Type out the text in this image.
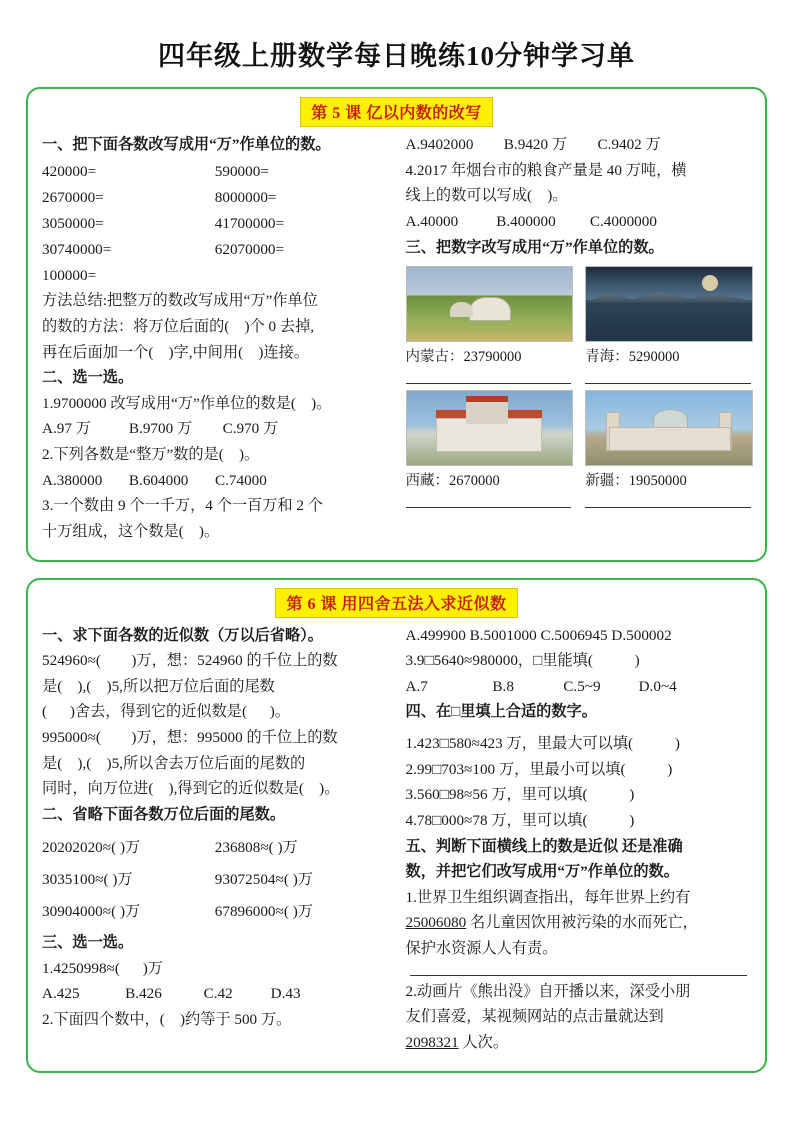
四年级上册数学每日晚练10分钟学习单
第 5 课 亿以内数的改写
一、把下面各数改写成用“万”作单位的数。
420000=	590000=
2670000=	8000000=
3050000=	41700000=
30740000=	62070000=
100000=
方法总结:把整万的数改写成用“万”作单位
的数的方法：将万位后面的(    )个 0 去掉,
再在后面加一个(    )字,中间用(    )连接。
二、选一选。
1.9700000 改写成用“万”作单位的数是(    )。
A.97 万          B.9700 万        C.970 万
2.下列各数是“整万”数的是(    )。
A.380000       B.604000       C.74000
3.一个数由 9 个一千万，4 个一百万和 2 个
十万组成，这个数是(    )。
A.9402000        B.9420 万        C.9402 万
4.2017 年烟台市的粮食产量是 40 万吨，横
线上的数可以写成(    )。
A.40000          B.400000         C.4000000
三、把数字改写成用“万”作单位的数。
内蒙古：23790000	青海：5290000
西藏：2670000	新疆：19050000
第 6 课 用四舍五法入求近似数
一、求下面各数的近似数（万以后省略）。
524960≈(        )万，想：524960 的千位上的数
是(    ),(    )5,所以把万位后面的尾数
(      )舍去，得到它的近似数是(      )。
995000≈(        )万，想：995000 的千位上的数
是(    ),(    )5,所以舍去万位后面的尾数的
同时，向万位进(    ),得到它的近似数是(    )。
二、省略下面各数万位后面的尾数。
20202020≈( )万	236808≈( )万
3035100≈( )万	93072504≈( )万
30904000≈( )万	67896000≈( )万
三、选一选。
1.4250998≈(      )万
A.425            B.426           C.42          D.43
2.下面四个数中，(    )约等于 500 万。
A.499900 B.5001000 C.5006945 D.500002
3.9□5640≈980000，□里能填(           )
A.7                 B.8             C.5~9          D.0~4
四、在□里填上合适的数字。
1.423□580≈423 万，里最大可以填(           )
2.99□703≈100 万，里最小可以填(           )
3.560□98≈56 万，里可以填(           )
4.78□000≈78 万，里可以填(           )
五、判断下面横线上的数是近似 还是准确
数，并把它们改写成用“万”作单位的数。
1.世界卫生组织调查指出，每年世界上约有
25006080 名儿童因饮用被污染的水而死亡，
保护水资源人人有责。
2.动画片《熊出没》自开播以来，深受小朋
友们喜爱，某视频网站的点击量就达到
2098321 人次。
